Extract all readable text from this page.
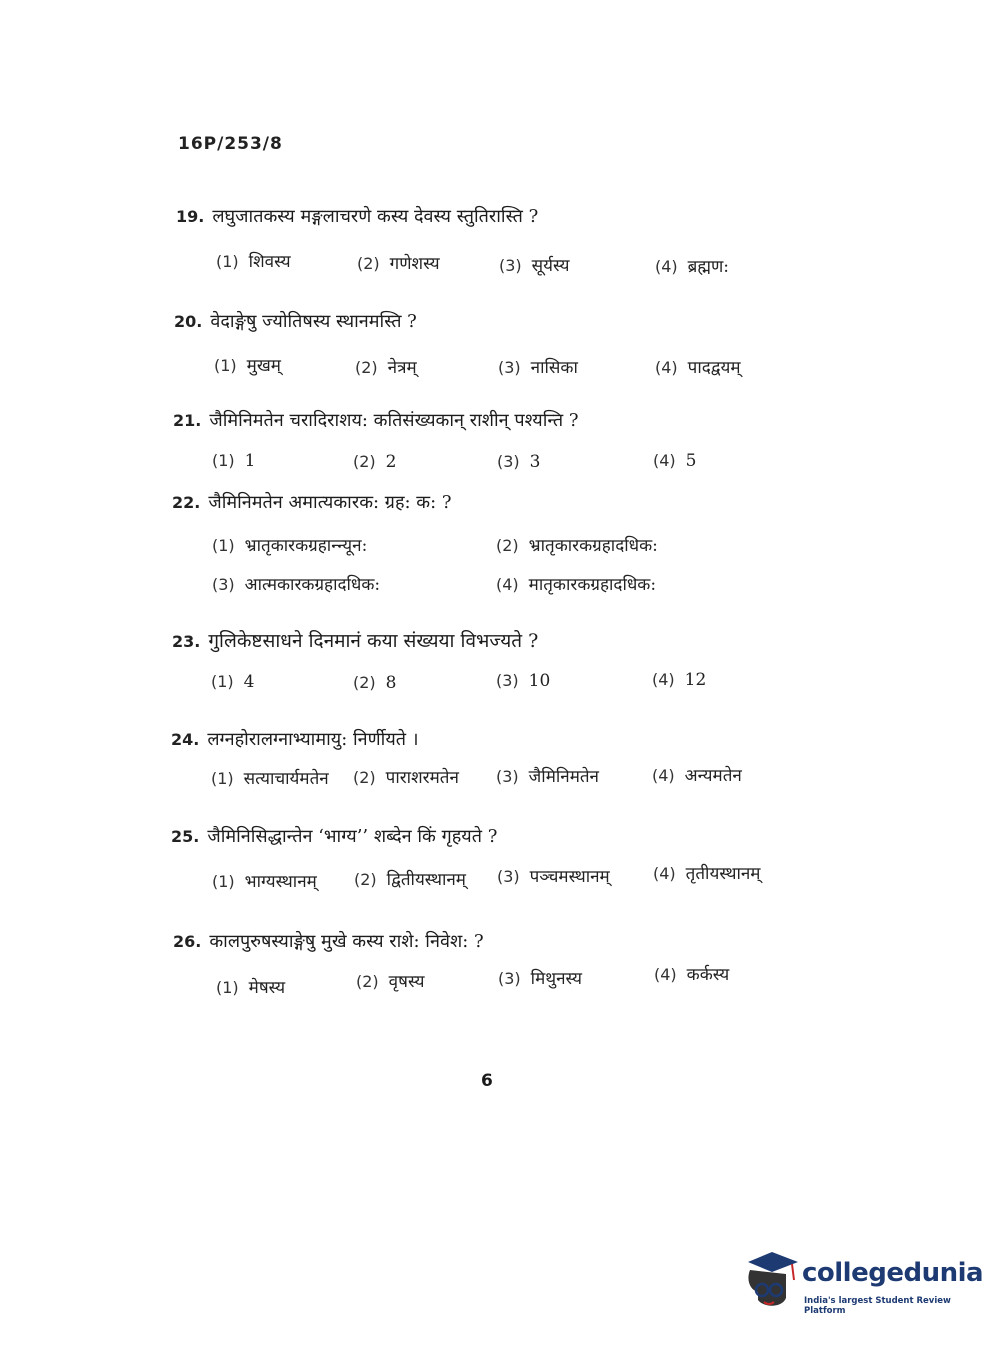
16P/253/8
19. लघुजातकस्य मङ्गलाचरणे कस्य देवस्य स्तुतिरास्ति ?
(1) शिवस्य	(2) गणेशस्य	(3) सूर्यस्य	(4) ब्रह्मण:
20. वेदाङ्गेषु ज्योतिषस्य स्थानमस्ति ?
(1) मुखम्	(2) नेत्रम्	(3) नासिका	(4) पादद्वयम्
21. जैमिनिमतेन चरादिराशय: कतिसंख्यकान् राशीन् पश्यन्ति ?
(1) 1	(2) 2	(3) 3	(4) 5
22. जैमिनिमतेन अमात्यकारक: ग्रह: क: ?
(1) भ्रातृकारकग्रहान्न्यून:	(2) भ्रातृकारकग्रहादधिक:
(3) आत्मकारकग्रहादधिक:	(4) मातृकारकग्रहादधिक:
23. गुलिकेष्टसाधने दिनमानं कया संख्यया विभज्यते ?
(1) 4	(2) 8	(3) 10	(4) 12
24. लग्नहोरालग्नाभ्यामायु: निर्णीयते ।
(1) सत्याचार्यमतेन (2) पाराशरमतेन (3) जैमिनिमतेन	(4) अन्यमतेन
25. जैमिनिसिद्धान्तेन ‘भाग्य’’ शब्देन किं गृहयते ?
(1) भाग्यस्थानम् (2) द्वितीयस्थानम् (3) पञ्चमस्थानम्	(4) तृतीयस्थानम्
26. कालपुरुषस्याङ्गेषु मुखे कस्य राशे: निवेश: ?
(1) मेषस्य	(2) वृषस्य	(3) मिथुनस्य	(4) कर्कस्य
6
collegedunia
India's largest Student Review Platform
